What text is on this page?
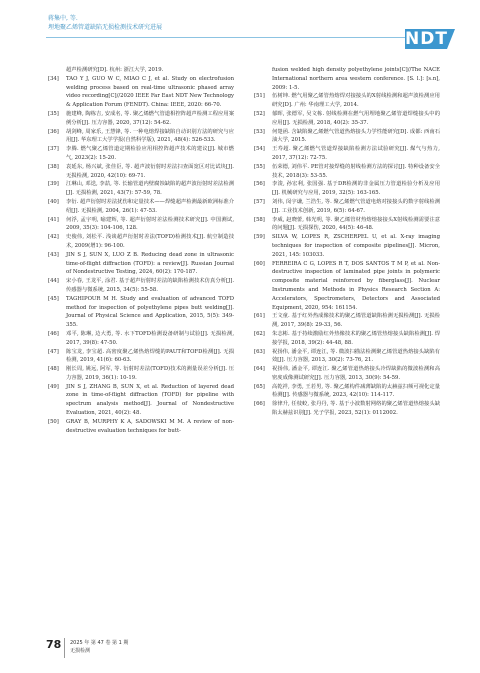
蒋集中, 等.
埋地聚乙烯管道缺陷无损检测技术研究进展
NDT
超声检测研究[D]. 杭州: 浙江大学, 2019.
[34] TAO Y J, GUO W C, MIAO C J, et al. Study on electrofusion welding process based on real-time ultrasonic phased array video recording[C]//2020 IEEE Far East NDT New Technology & Application Forum (FENDT). China: IEEE, 2020: 66-70.
[35] 施建峰, 陶栋吉, 安成名, 等. 聚乙烯燃气管道相控阵超声检测工程应用案例分析[J]. 压力容器, 2020, 37(12): 54-62.
[36] 胡剑峰, 周家乐, 王慧锋, 等. 一种电熔焊接缺陷自动识别方法的研究与应用[J]. 华东理工大学学报(自然科学版), 2021, 48(4): 526-533.
[37] 李腾. 燃气聚乙烯管道定期检验应用相控阵超声技术的建议[J]. 城市燃气, 2023(2): 15-20.
[38] 袁延东, 杨兴斌, 张佳臣, 等. 超声波衍射时差法扫查面宽区对比试块[J]. 无损检测, 2020, 42(10): 69-71.
[39] 江琳山, 邓迭, 李喆, 等. 长输管道内壁腐蚀缺陷的超声波衍射时差法检测[J]. 无损检测, 2021, 43(7): 57-59, 78.
[40] 李衍. 超声衍射时差法扰伤和定量技术——焊缝超声检测最新欧洲标准介绍[J]. 无损检测, 2004, 26(1): 47-53.
[41] 何浮, 孟宇明, 喻建辉, 等. 超声衍射时差法检测技术研究[J]. 中国测试, 2009, 35(3): 104-106, 128.
[42] 史俊伟, 刘松平. 浅谈超声衍射时差法(TOFD)检测技术[J]. 航空制造技术, 2009(增1): 96-100.
[43] JIN S J, SUN X, LUO Z B. Reducing dead zone in ultrasonic time-of-flight diffraction (TOFD): a review[J]. Russian Journal of Nondestructive Testing, 2024, 60(2): 170-187.
[44] 宋小春, 王龙平, 涂君. 基于超声衍射时差法的缺陷检测技术仿真分析[J]. 传感器与微系统, 2015, 34(5): 55-58.
[45] TAGHIPOUR M H. Study and evaluation of advanced TOFD method for inspection of polyethylene pipes butt welding[J]. Journal of Physical Science and Application, 2015, 5(5): 349-355.
[46] 邓平, 陈琳, 边大勇, 等. 水下TOFD检测设备研制与试验[J]. 无损检测, 2017, 39(8): 47-50.
[47] 陈宝龙, 李宝超. 高密度聚乙烯热熔焊缝的PAUT和TOFD检测[J]. 无损检测, 2019, 41(6): 60-63.
[48] 刚长周, 姚远, 阿军, 等. 衍射时差法(TOFD)技术的测量误差分析[J]. 压力容器, 2019, 36(1): 10-19.
[49] JIN S J, ZHANG B, SUN X, et al. Reduction of layered dead zone in time-of-flight diffraction (TOFD) for pipeline with spectrum analysis method[J]. Journal of Nondestructive Evaluation, 2021, 40(2): 48.
[50] GRAY B, MURPHY K A, SADOWSKI M M. A review of non-destructive evaluation techniques for butt-
fusion welded high density polyethylene joints[C]//The NACE International northern area western conference. [S. l.]: [s.n], 2009: 1-5.
[51] 伍树坤. 燃气用聚乙烯管热熔焊对接接头的X射线检测和超声波检测应用研究[D]. 广州: 华南理工大学, 2014.
[52] 郁晖, 张德军, 吴文栋. 射线检测在燃气用埋地聚乙烯管道焊缝接头中的应用[J]. 无损检测, 2018, 40(2): 35-37.
[53] 何楚函. 含缺陷聚乙烯燃气管道热熔接头力学性能研究[D]. 成都: 西南石油大学, 2015.
[54] 王寿超. 聚乙烯燃气管道焊接缺陷检测方法试验研究[J]. 煤气与热力, 2017, 37(12): 72-75.
[55] 伍荣德, 刘伟平. PE管对接焊缝的射线检测方法的探讨[J]. 特种设备安全技术, 2018(3): 53-55.
[56] 李浚, 孙宏利, 张国强. 基于DR检测的非金属压力管道检验分析及应用[J]. 机械研究与应用, 2019, 32(5): 163-165.
[57] 刘伟, 闵宇谦, 兰浩生, 等. 聚乙烯燃气管道电熔对接接头的数字射线检测[J]. 工业技术创新, 2019, 6(5): 64-67.
[58] 李威, 赵晓蕾, 韩光明, 等. 聚乙烯管材热熔熔接接头X射线检测需要注意的问题[J]. 无损探伤, 2020, 44(5): 46-48.
[59] SILVA W, LOPES R, ZSCHERPEL U, et al. X-ray imaging techniques for inspection of composite pipelines[J]. Micron, 2021, 145: 103033.
[60] FERREIRA C G, LOPES R T, DOS SANTOS T M P, et al. Non-destructive inspection of laminated pipe joints in polymeric composite material reinforced by fiberglass[J]. Nuclear Instruments and Methods in Physics Research Section A: Accelerators, Spectrometers, Detectors and Associated Equipment, 2020, 954: 161154.
[61] 王文童. 基于红外热成像技术的聚乙烯管道缺陷检测无损检测[J]. 无损检测, 2017, 39(8): 29-33, 56.
[62] 朱志彬. 基于持续激励红外热像技术的聚乙烯管热熔接头缺陷检测[J]. 焊接学报, 2018, 39(2): 44-48, 88.
[63] 祝扬伟, 潘金平, 谭连江, 等. 微波扫描法检测聚乙烯管道热熔接头缺陷有效[J]. 压力容器, 2013, 30(2): 73-76, 21.
[64] 祝扬伟, 潘金平, 谭连江. 聚乙烯管道热熔接头冷焊缺陷的微波检测和高密度成像测试研究[J]. 压力容器, 2013, 30(9): 54-59.
[65] 高乾祥, 李勇, 王若男, 等. 聚乙烯构件减薄缺陷的太赫兹扫频可视化定量检测[J]. 传感器与微系统, 2023, 42(10): 114-117.
[66] 徐律升, 任枝蛟, 张丹丹, 等. 基于小波数射网络的聚乙烯管道热熔接头缺陷太赫兹识别[J]. 光子学报, 2023, 52(1): 0112002.
78 2025 年 第 47 卷 第 1 期
无损检测
